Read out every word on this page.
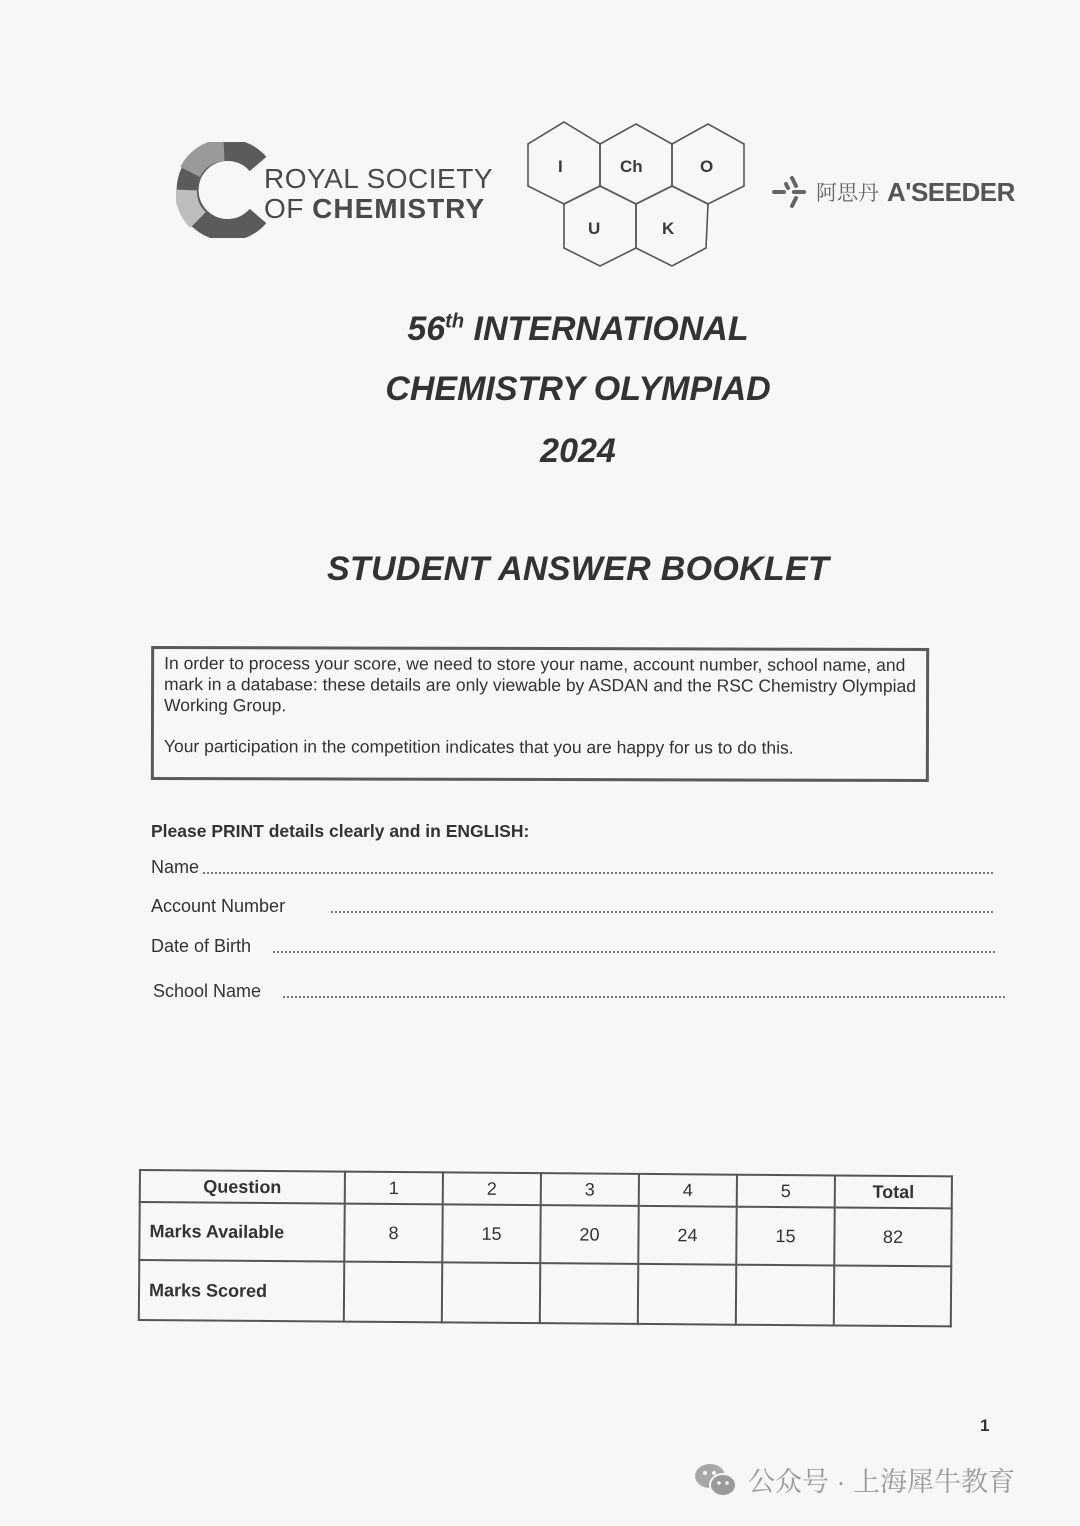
ROYAL SOCIETY
OF CHEMISTRY
I	Ch	O
U	K
阿思丹 A'SEEDER
56th INTERNATIONAL
CHEMISTRY OLYMPIAD
2024
STUDENT ANSWER BOOKLET

In order to process your score, we need to store your name, account number, school name, and mark in a database: these details are only viewable by ASDAN and the RSC Chemistry Olympiad Working Group.

Your participation in the competition indicates that you are happy for us to do this.

Please PRINT details clearly and in ENGLISH:
Name
Account Number
Date of Birth
School Name
Question	1	2	3	4	5	Total
Marks Available	8	15	20	24	15	82
Marks Scored						
1
公众号 · 上海犀牛教育
